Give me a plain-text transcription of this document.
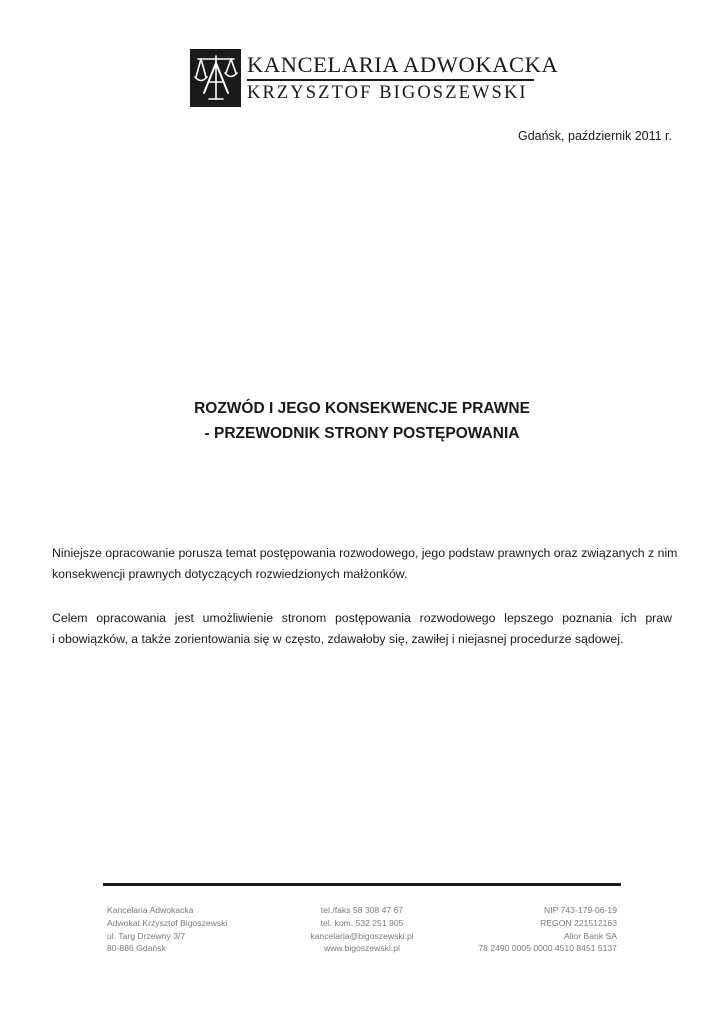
KANCELARIA ADWOKACKA
KRZYSZTOF BIGOSZEWSKI
Gdańsk, październik 2011 r.
ROZWÓD I JEGO KONSEKWENCJE PRAWNE
- PRZEWODNIK STRONY POSTĘPOWANIA
Niniejsze opracowanie porusza temat postępowania rozwodowego, jego podstaw prawnych oraz związanych z nim
konsekwencji prawnych dotyczących rozwiedzionych małżonków.
Celem opracowania jest umożliwienie stronom postępowania rozwodowego lepszego poznania ich praw
i obowiązków, a także zorientowania się w często, zdawałoby się, zawiłej i niejasnej procedurze sądowej.
Kancelaria Adwokacka
Adwokat Krzysztof Bigoszewski
ul. Targ Drzewny 3/7
80-886 Gdańsk
tel./faks 58 308 47 67
tel. kom. 532 251 905
kancelaria@bigoszewski.pl
www.bigoszewski.pl
NIP 743-179-06-19
REGON 221512163
Alior Bank SA
78 2490 0005 0000 4510 8451 5137
